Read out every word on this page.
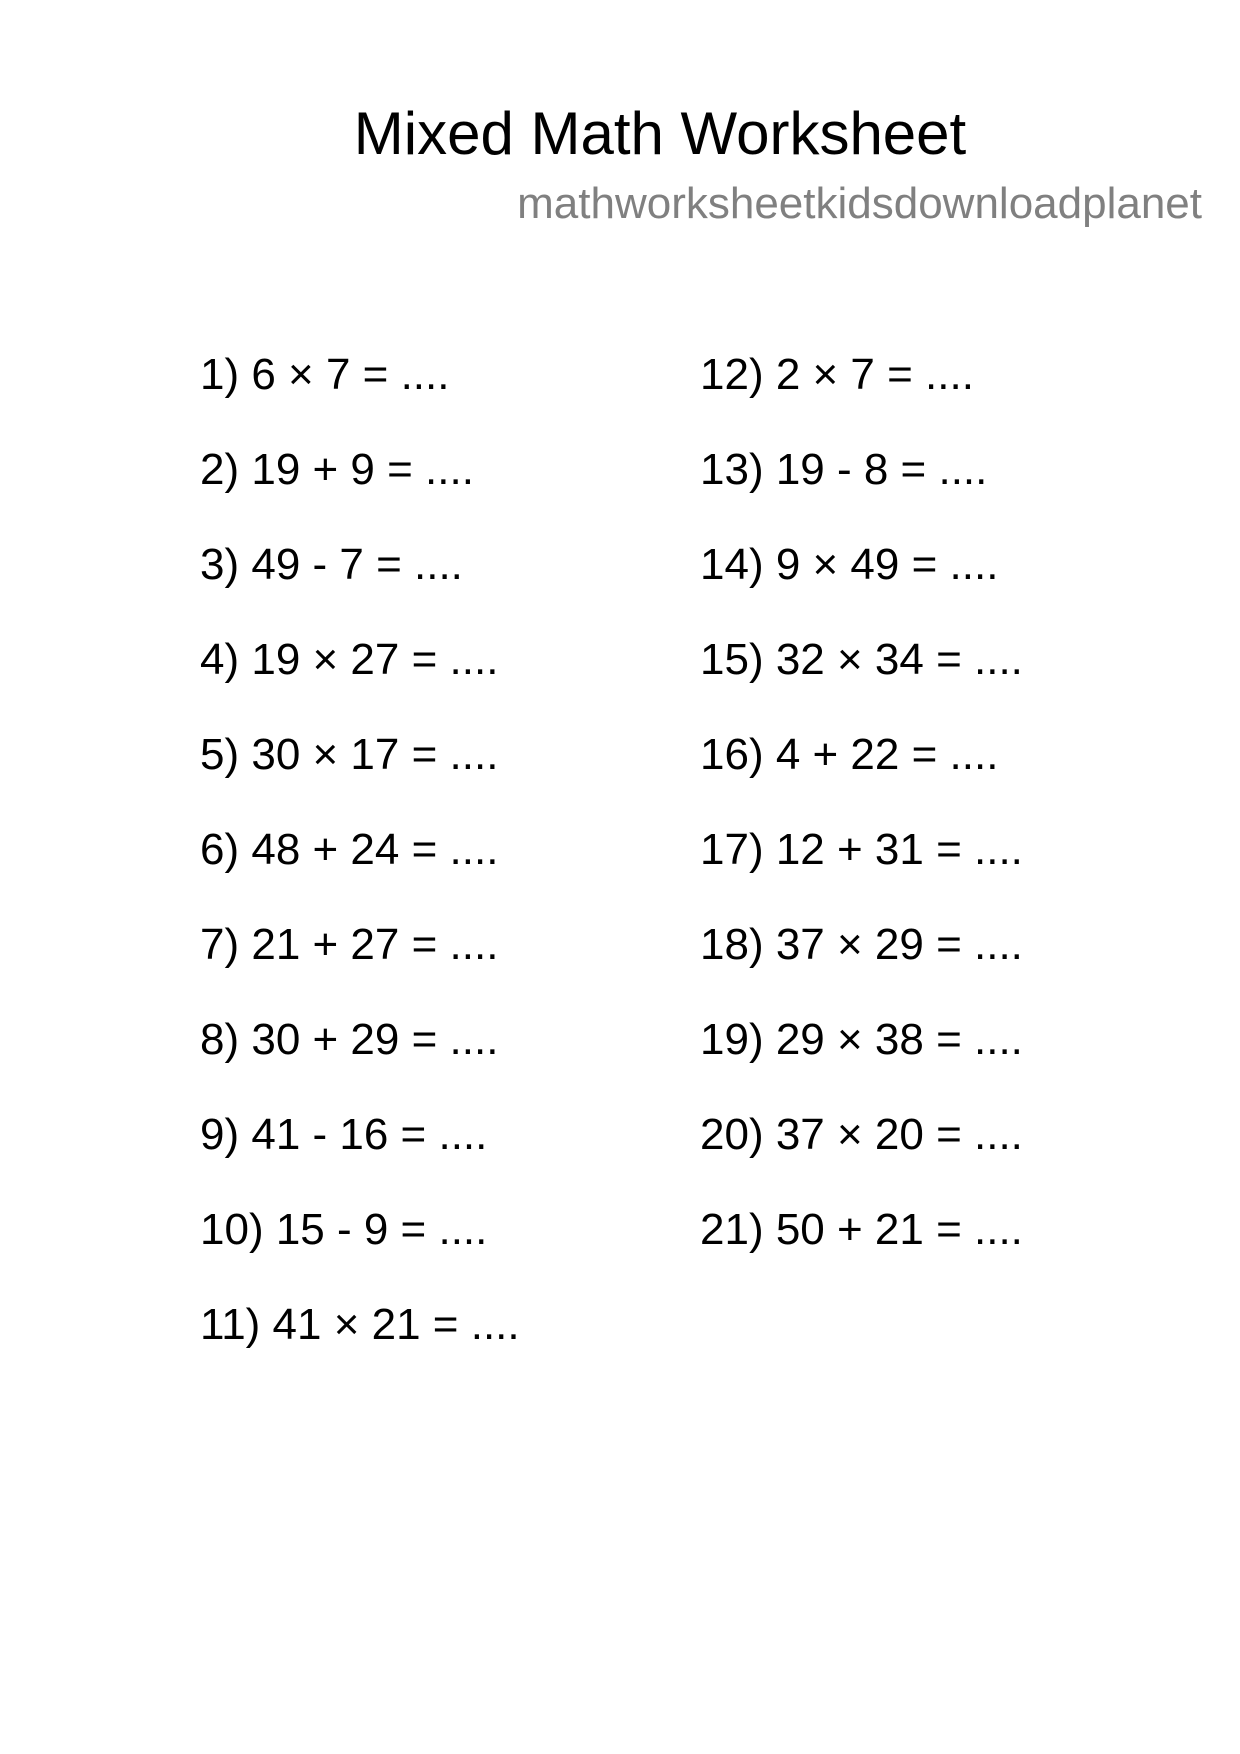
Mixed Math Worksheet
mathworksheetkidsdownloadplanet
1) 6 × 7 = ....
2) 19 + 9 = ....
3) 49 - 7 = ....
4) 19 × 27 = ....
5) 30 × 17 = ....
6) 48 + 24 = ....
7) 21 + 27 = ....
8) 30 + 29 = ....
9) 41 - 16 = ....
10) 15 - 9 = ....
11) 41 × 21 = ....
12) 2 × 7 = ....
13) 19 - 8 = ....
14) 9 × 49 = ....
15) 32 × 34 = ....
16) 4 + 22 = ....
17) 12 + 31 = ....
18) 37 × 29 = ....
19) 29 × 38 = ....
20) 37 × 20 = ....
21) 50 + 21 = ....
